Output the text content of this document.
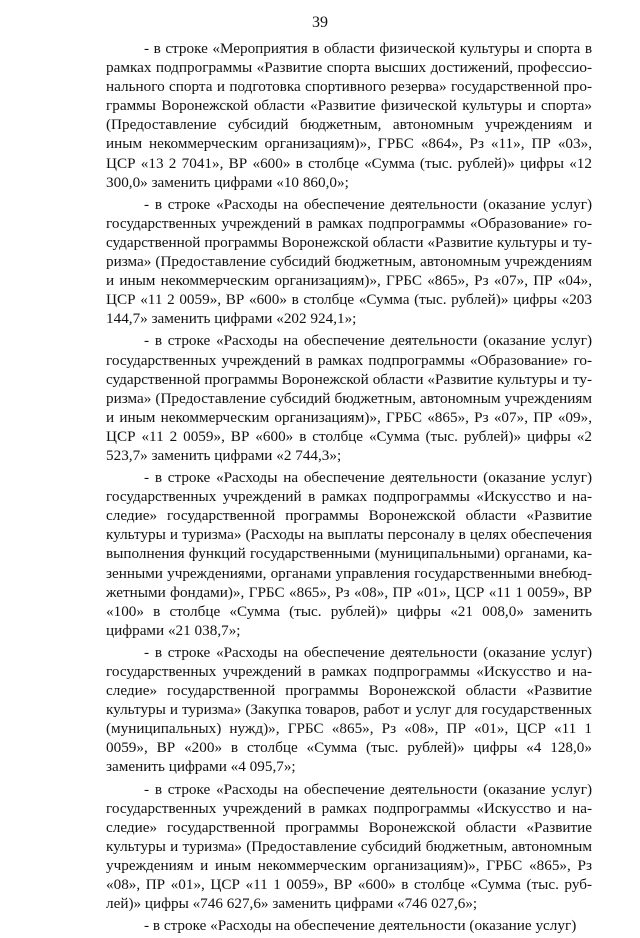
39

- в строке «Мероприятия в области физической культуры и спорта в рамках подпрограммы «Развитие спорта высших достижений, профессионального спорта и подготовка спортивного резерва» государственной программы Воронежской области «Развитие физической культуры и спорта» (Предоставление субсидий бюджетным, автономным учреждениям и иным некоммерческим организациям)», ГРБС «864», Рз «11», ПР «03», ЦСР «13 2 7041», ВР «600» в столбце «Сумма (тыс. рублей)» цифры «12 300,0» заменить цифрами «10 860,0»;

- в строке «Расходы на обеспечение деятельности (оказание услуг) государственных учреждений в рамках подпрограммы «Образование» государственной программы Воронежской области «Развитие культуры и туризма» (Предоставление субсидий бюджетным, автономным учреждениям и иным некоммерческим организациям)», ГРБС «865», Рз «07», ПР «04», ЦСР «11 2 0059», ВР «600» в столбце «Сумма (тыс. рублей)» цифры «203 144,7» заменить цифрами «202 924,1»;

- в строке «Расходы на обеспечение деятельности (оказание услуг) государственных учреждений в рамках подпрограммы «Образование» государственной программы Воронежской области «Развитие культуры и туризма» (Предоставление субсидий бюджетным, автономным учреждениям и иным некоммерческим организациям)», ГРБС «865», Рз «07», ПР «09», ЦСР «11 2 0059», ВР «600» в столбце «Сумма (тыс. рублей)» цифры «2 523,7» заменить цифрами «2 744,3»;

- в строке «Расходы на обеспечение деятельности (оказание услуг) государственных учреждений в рамках подпрограммы «Искусство и наследие» государственной программы Воронежской области «Развитие культуры и туризма» (Расходы на выплаты персоналу в целях обеспечения выполнения функций государственными (муниципальными) органами, казенными учреждениями, органами управления государственными внебюджетными фондами)», ГРБС «865», Рз «08», ПР «01», ЦСР «11 1 0059», ВР «100» в столбце «Сумма (тыс. рублей)» цифры «21 008,0» заменить цифрами «21 038,7»;

- в строке «Расходы на обеспечение деятельности (оказание услуг) государственных учреждений в рамках подпрограммы «Искусство и наследие» государственной программы Воронежской области «Развитие культуры и туризма» (Закупка товаров, работ и услуг для государственных (муниципальных) нужд)», ГРБС «865», Рз «08», ПР «01», ЦСР «11 1 0059», ВР «200» в столбце «Сумма (тыс. рублей)» цифры «4 128,0» заменить цифрами «4 095,7»;

- в строке «Расходы на обеспечение деятельности (оказание услуг) государственных учреждений в рамках подпрограммы «Искусство и наследие» государственной программы Воронежской области «Развитие культуры и туризма» (Предоставление субсидий бюджетным, автономным учреждениям и иным некоммерческим организациям)», ГРБС «865», Рз «08», ПР «01», ЦСР «11 1 0059», ВР «600» в столбце «Сумма (тыс. рублей)» цифры «746 627,6» заменить цифрами «746 027,6»;

- в строке «Расходы на обеспечение деятельности (оказание услуг)
